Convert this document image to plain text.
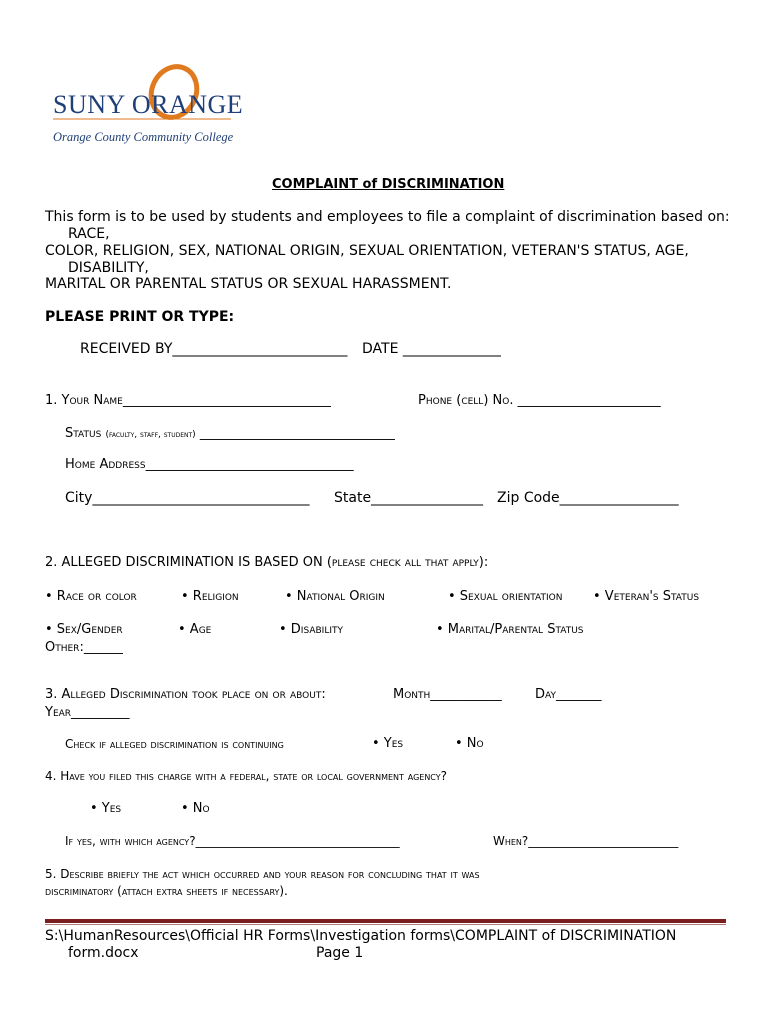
SUNY ORANGE
Orange County Community College
COMPLAINT of DISCRIMINATION
This form is to be used by students and employees to file a complaint of discrimination based on:
RACE,
COLOR, RELIGION, SEX, NATIONAL ORIGIN, SEXUAL ORIENTATION, VETERAN'S STATUS, AGE,
DISABILITY,
MARITAL OR PARENTAL STATUS OR SEXUAL HARASSMENT.
PLEASE PRINT OR TYPE:
RECEIVED BY_________________________ DATE ______________
1. Your Name________________________________	Phone (cell) No. ______________________
Status (faculty, staff, student) ______________________________
Home Address________________________________
City_______________________________ State________________ Zip Code_________________
2. ALLEGED DISCRIMINATION IS BASED ON (please check all that apply):
• Race or color	• Religion	• National Origin	• Sexual orientation • Veteran's Status
• Sex/Gender	• Age	• Disability	• Marital/Parental Status
Other:______
3. Alleged Discrimination took place on or about:	Month___________	Day_______
Year_________
Check if alleged discrimination is continuing	• Yes	• No
4. Have you filed this charge with a federal, state or local government agency?
• Yes	• No
If yes, with which agency?__________________________________	When?_________________________
5. Describe briefly the act which occurred and your reason for concluding that it was
discriminatory (attach extra sheets if necessary).
S:\HumanResources\Official HR Forms\Investigation forms\COMPLAINT of DISCRIMINATION
form.docx	Page 1
